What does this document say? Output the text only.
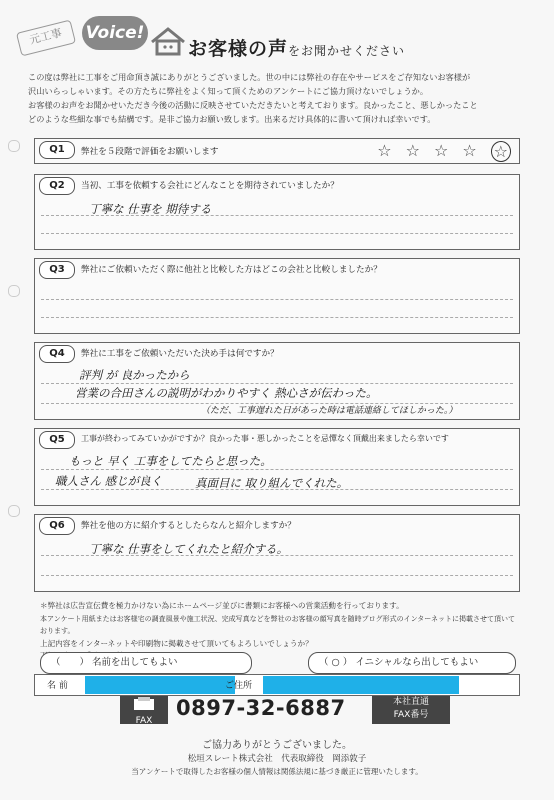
元工事	Voice!
お客様の声をお聞かせください

この度は弊社に工事をご用命頂き誠にありがとうございました。世の中には弊社の存在やサービスをご存知ないお客様が

沢山いらっしゃいます。その方たちに弊社をよく知って頂くためのアンケートにご協力頂けないでしょうか。

お客様のお声をお聞かせいただき今後の活動に反映させていただきたいと考えております。良かったこと、悪しかったこと

どのような些細な事でも結構です。是非ご協力お願い致します。出来るだけ具体的に書いて頂ければ幸いです。

Q1	弊社を５段階で評価をお願いします	☆ ☆ ☆ ☆ ☆
Q2	当初、工事を依頼する会社にどんなことを期待されていましたか？
丁寧な 仕事を 期待する
Q3	弊社にご依頼いただく際に他社と比較した方はどこの会社と比較しましたか？
Q4	弊社に工事をご依頼いただいた決め手は何ですか？
評判 が 良かったから
営業の合田さんの説明がわかりやすく 熱心さが伝わった。
（ただ、工事遅れた日があった時は電話連絡してほしかった。）
Q5	工事が終わってみていかがですか？良かった事・悪しかったことを忌憚なく頂戴出来ましたら幸いです
もっと 早く 工事をしてたらと思った。
職人さん 感じが良く	真面目に 取り組んでくれた。
Q6	弊社を他の方に紹介するとしたらなんと紹介しますか？
丁寧な 仕事をしてくれたと紹介する。

＊弊社は広告宣伝費を極力かけない為にホームページ並びに書類にお客様への営業活動を行っております。

本アンケート用紙またはお客様宅の調査風景や施工状況、完成写真などを弊社のお客様の顔写真を随時ブログ形式のインターネットに掲載させて頂いております。

上記内容をインターネットや印刷物に掲載させて頂いてもよろしいでしょうか？

（　　） 名前を出してもよい	（ ○ ） イニシャルなら出してもよい
名 前	ご住所
FAX
0897-32-6887	本社直通
FAX番号
ご協力ありがとうございました。
松垣スレート株式会社　代表取締役　岡添敦子
当アンケートで取得したお客様の個人情報は関係法規に基づき厳正に管理いたします。
